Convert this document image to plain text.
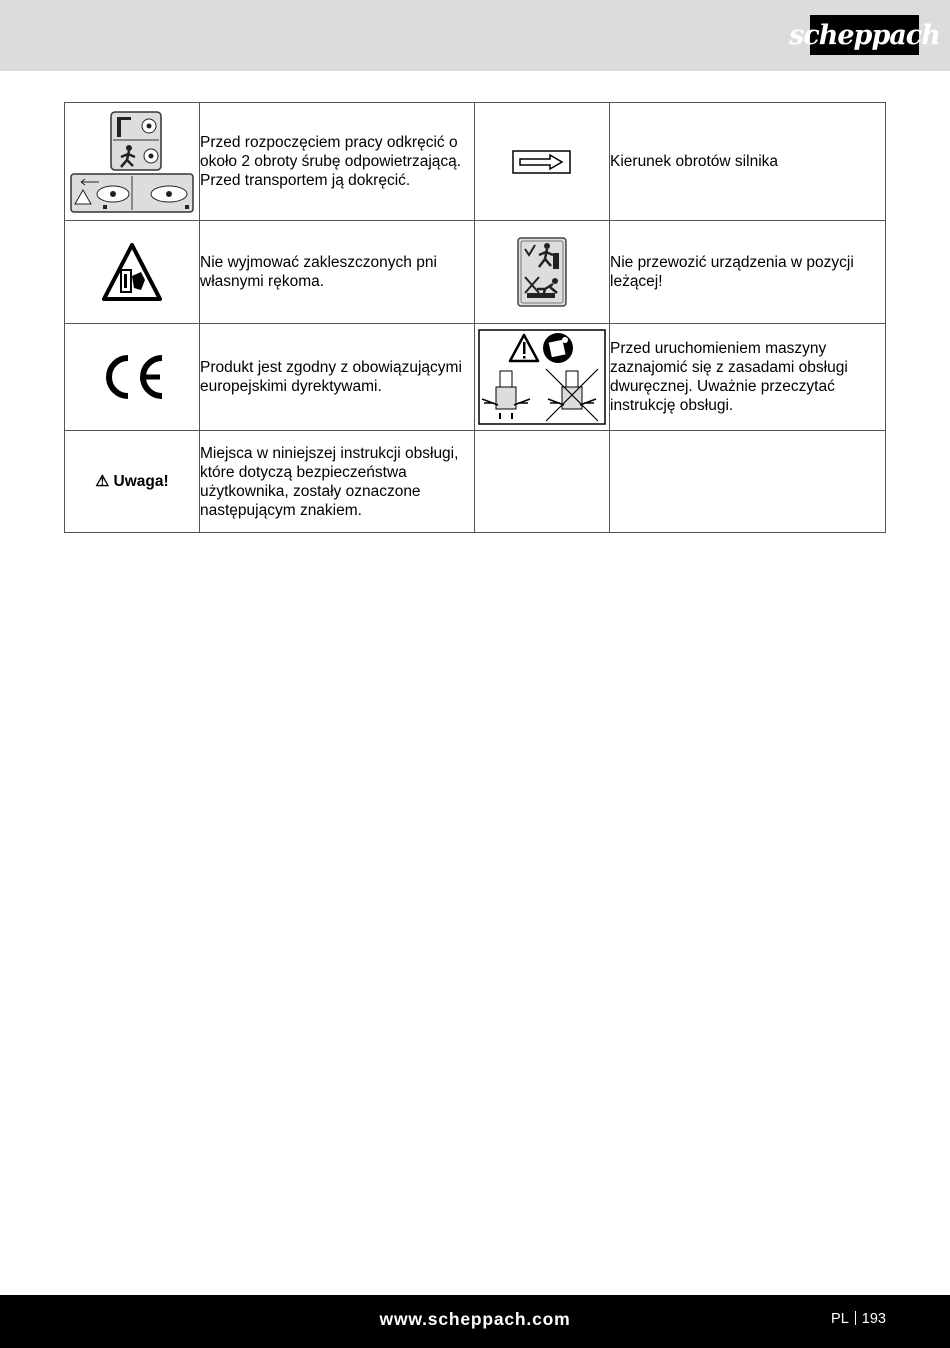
scheppach
	Przed rozpoczęciem pracy odkręcić o około 2 obroty śrubę odpowietrzającą. Przed transportem ją dokręcić.		Kierunek obrotów silnika

	Nie wyjmować zakleszczonych pni własnymi rękoma.		Nie przewozić urządzenia w pozycji leżącej!

	Produkt jest zgodny z obowiązującymi europejskimi dyrektywami.		Przed uruchomieniem maszyny zaznajomić się z zasadami obsługi dwuręcznej. Uważnie przeczytać instrukcję obsługi.
⚠ Uwaga!	Miejsca w niniejszej instrukcji obsługi, które dotyczą bezpieczeństwa użytkownika, zostały oznaczone następującym znakiem.		
www.scheppach.com	PL 193
